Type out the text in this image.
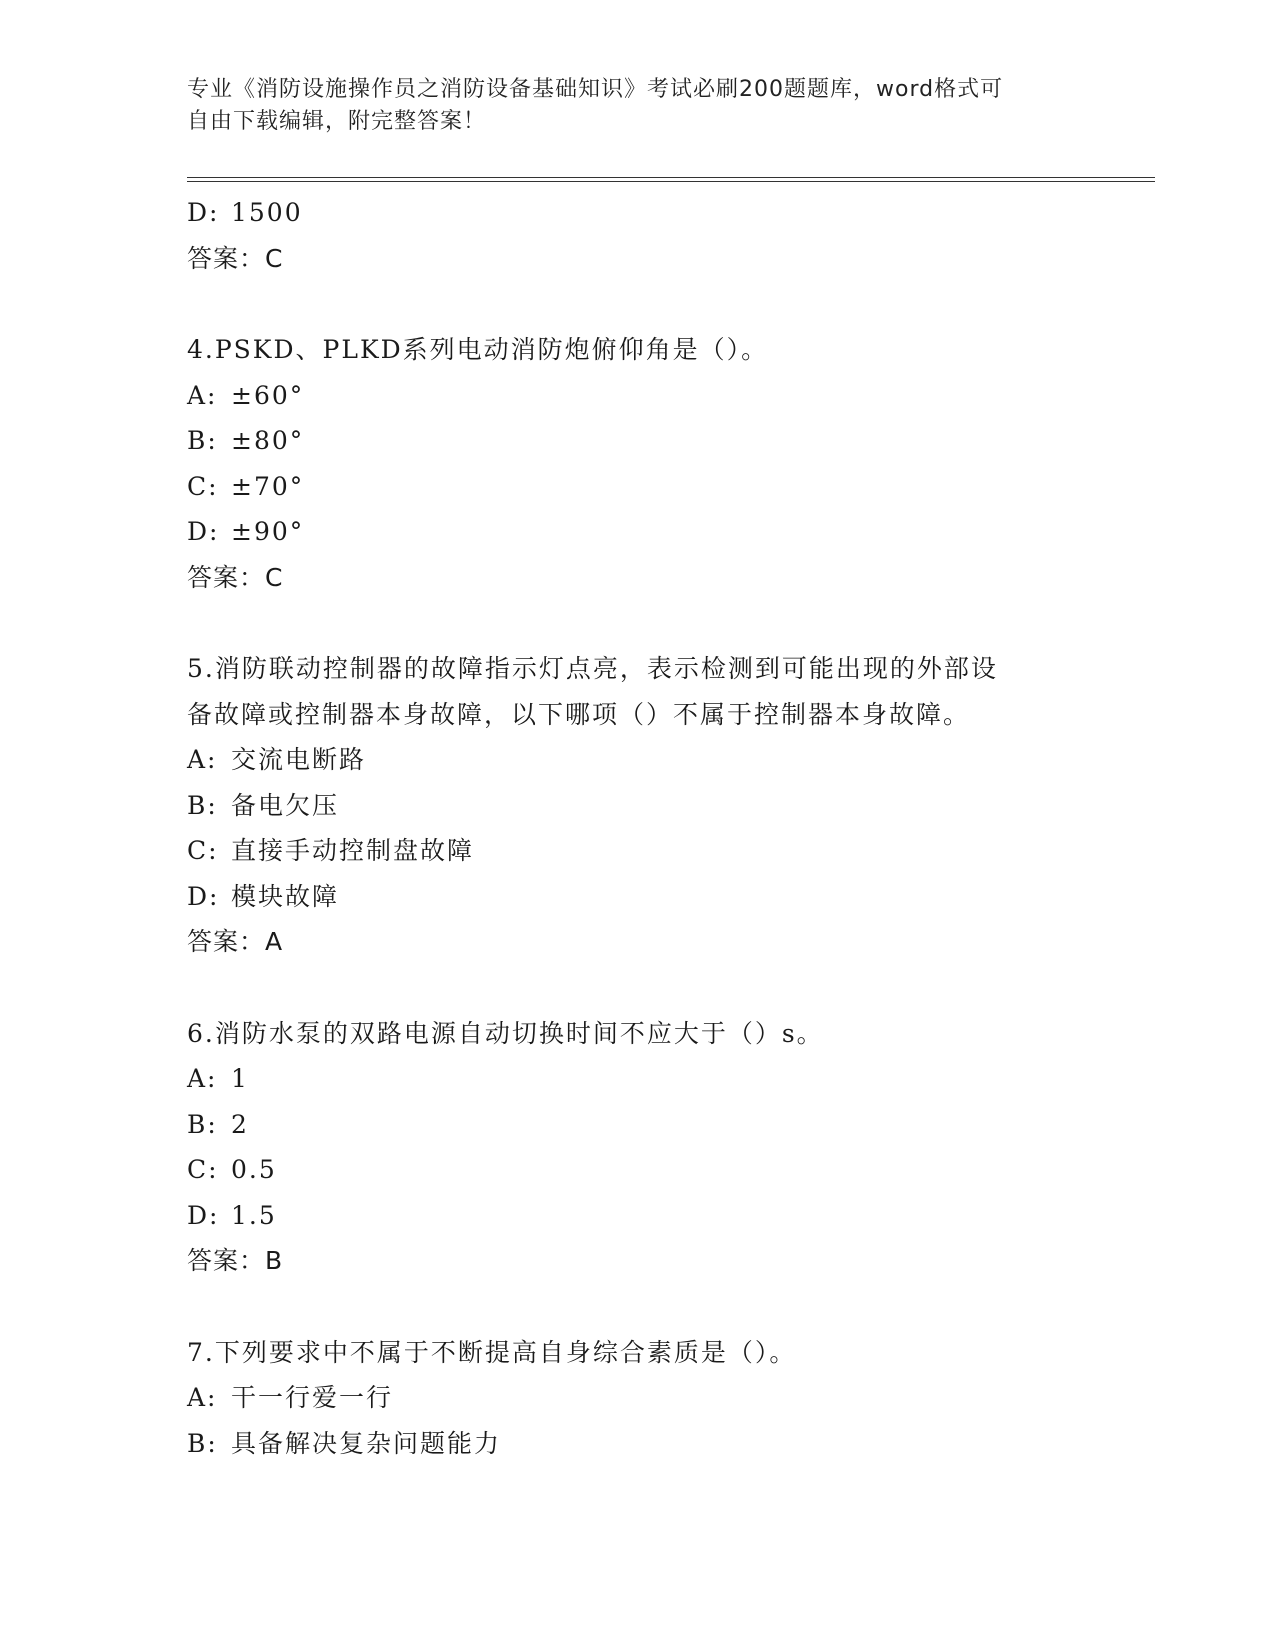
专业《消防设施操作员之消防设备基础知识》考试必刷200题题库，word格式可
自由下载编辑，附完整答案！
D: 1500
答案：C
4.PSKD、PLKD系列电动消防炮俯仰角是（）。
A: ±60°
B: ±80°
C: ±70°
D: ±90°
答案：C
5.消防联动控制器的故障指示灯点亮，表示检测到可能出现的外部设
备故障或控制器本身故障，以下哪项（）不属于控制器本身故障。
A: 交流电断路
B: 备电欠压
C: 直接手动控制盘故障
D: 模块故障
答案：A
6.消防水泵的双路电源自动切换时间不应大于（）s。
A: 1
B: 2
C: 0.5
D: 1.5
答案：B
7.下列要求中不属于不断提高自身综合素质是（）。
A: 干一行爱一行
B: 具备解决复杂问题能力
